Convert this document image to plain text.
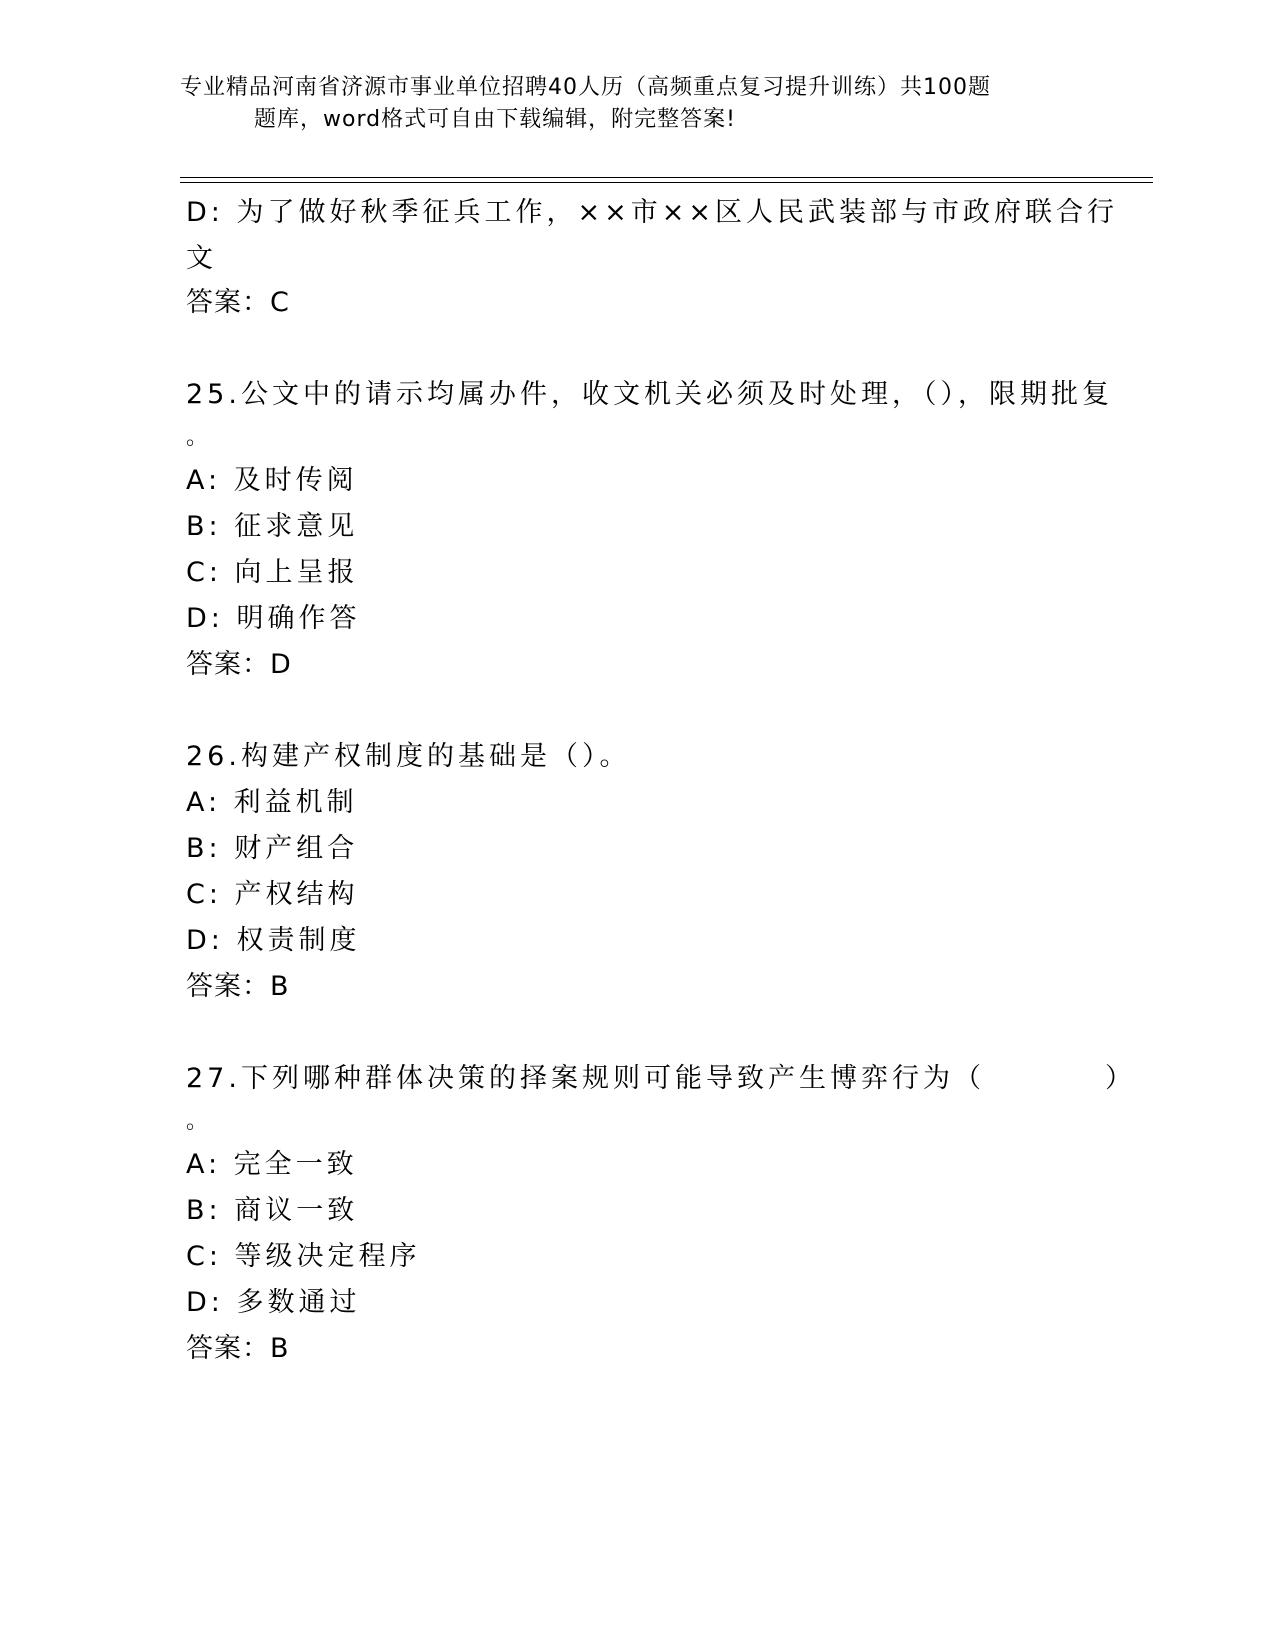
专业精品河南省济源市事业单位招聘40人历（高频重点复习提升训练）共100题
题库，word格式可自由下载编辑，附完整答案!
D: 为了做好秋季征兵工作，××市××区人民武装部与市政府联合行
文
答案：C
25.公文中的请示均属办件，收文机关必须及时处理，（），限期批复
。
A: 及时传阅
B: 征求意见
C: 向上呈报
D: 明确作答
答案：D
26.构建产权制度的基础是（）。
A: 利益机制
B: 财产组合
C: 产权结构
D: 权责制度
答案：B
27.下列哪种群体决策的择案规则可能导致产生博弈行为（	）
。
A: 完全一致
B: 商议一致
C: 等级决定程序
D: 多数通过
答案：B
